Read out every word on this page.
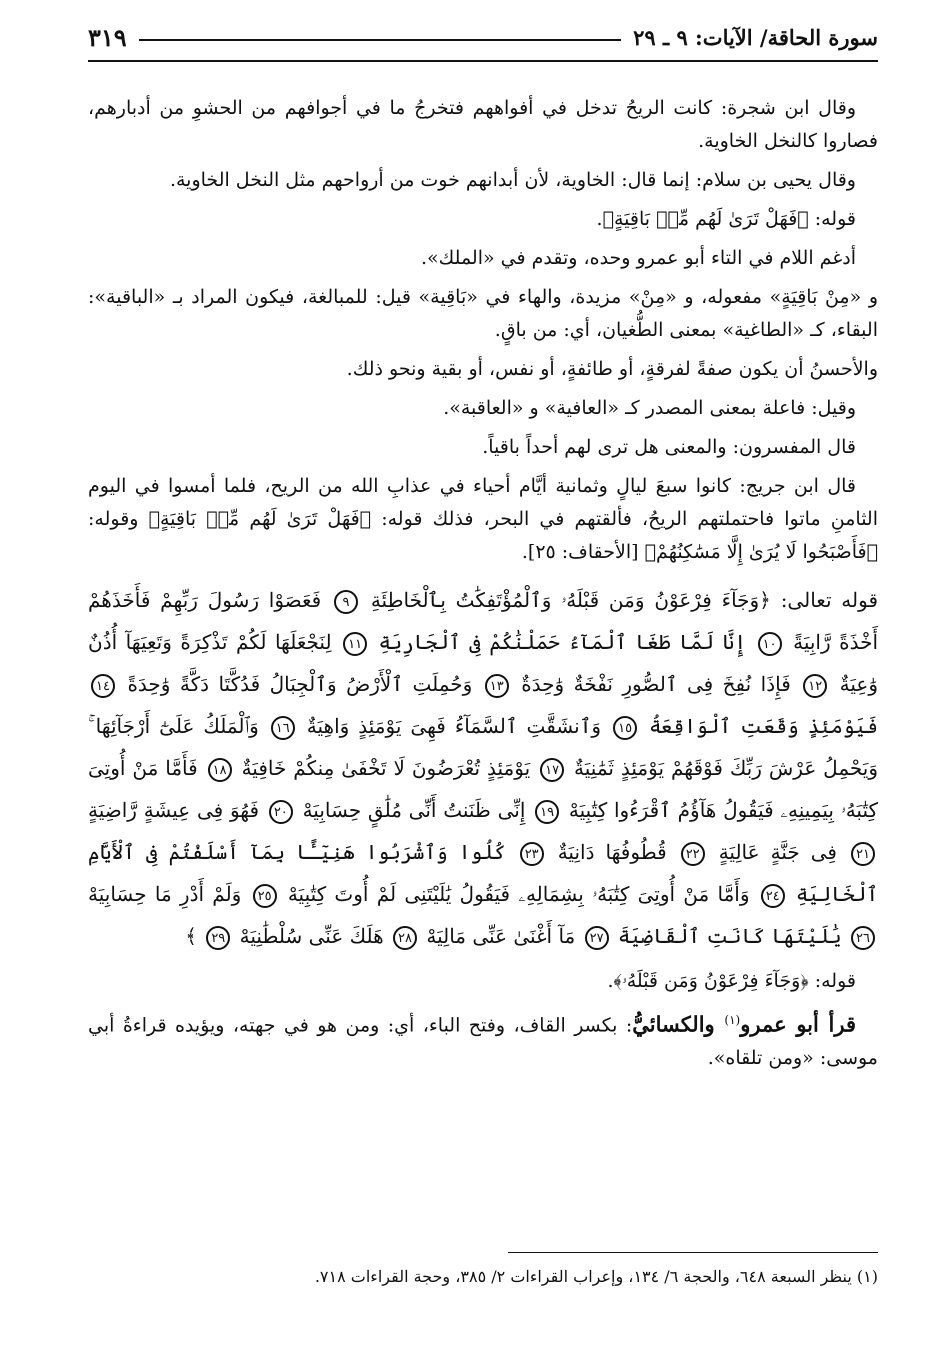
سورة الحاقة/ الآيات: ٩ ـ ٢٩
٣١٩

وقال ابن شجرة: كانت الريحُ تدخل في أفواههم فتخرجُ ما في أجوافهم من الحشوِ من أدبارهم، فصاروا كالنخل الخاوية.

وقال يحيى بن سلام: إنما قال: الخاوية، لأن أبدانهم خوت من أرواحهم مثل النخل الخاوية.

قوله: ﴿فَهَلْ تَرَىٰ لَهُم مِّنۢ بَاقِيَةٍ﴾.

أدغم اللام في التاء أبو عمرو وحده، وتقدم في «الملك».

و «مِنْ بَاقِيَةٍ» مفعوله، و «مِنْ» مزيدة، والهاء في «بَاقِية» قيل: للمبالغة، فيكون المراد بـ «الباقية»: البقاء، كـ «الطاغية» بمعنى الطُّغيان، أي: من باقٍ.

والأحسنُ أن يكون صفةً لفرقةٍ، أو طائفةٍ، أو نفس، أو بقية ونحو ذلك.

وقيل: فاعلة بمعنى المصدر كـ «العافية» و «العاقبة».

قال المفسرون: والمعنى هل ترى لهم أحداً باقياً.

قال ابن جريج: كانوا سبعَ ليالٍ وثمانية أيَّام أحياء في عذابِ الله من الريح، فلما أمسوا في اليوم الثامنِ ماتوا فاحتملتهم الريحُ، فألقتهم في البحر، فذلك قوله: ﴿فَهَلْ تَرَىٰ لَهُم مِّنۢ بَاقِيَةٍ﴾ وقوله: ﴿فَأَصْبَحُوا لَا يُرَىٰ إِلَّا مَسَٰكِنُهُمْ﴾ [الأحقاف: ٢٥].

قوله تعالى: ﴿وَجَآءَ فِرْعَوْنُ وَمَن قَبْلَهُۥ وَٱلْمُؤْتَفِكَٰتُ بِٱلْخَاطِئَةِ ٩ فَعَصَوْا رَسُولَ رَبِّهِمْ فَأَخَذَهُمْ أَخْذَةً رَّابِيَةً ١٠ إِنَّا لَمَّا طَغَا ٱلْمَآءُ حَمَلْنَٰكُمْ فِى ٱلْجَارِيَةِ ١١ لِنَجْعَلَهَا لَكُمْ تَذْكِرَةً وَتَعِيَهَآ أُذُنٌ وَٰعِيَةٌ ١٢ فَإِذَا نُفِخَ فِى ٱلصُّورِ نَفْخَةٌ وَٰحِدَةٌ ١٣ وَحُمِلَتِ ٱلْأَرْضُ وَٱلْجِبَالُ فَدُكَّتَا دَكَّةً وَٰحِدَةً ١٤ فَيَوْمَئِذٍ وَقَعَتِ ٱلْوَاقِعَةُ ١٥ وَٱنشَقَّتِ ٱلسَّمَآءُ فَهِىَ يَوْمَئِذٍ وَاهِيَةٌ ١٦ وَٱلْمَلَكُ عَلَىٰٓ أَرْجَآئِهَا ۚ وَيَحْمِلُ عَرْشَ رَبِّكَ فَوْقَهُمْ يَوْمَئِذٍ ثَمَٰنِيَةٌ ١٧ يَوْمَئِذٍ تُعْرَضُونَ لَا تَخْفَىٰ مِنكُمْ خَافِيَةٌ ١٨ فَأَمَّا مَنْ أُوتِىَ كِتَٰبَهُۥ بِيَمِينِهِۦ فَيَقُولُ هَآؤُمُ ٱقْرَءُوا كِتَٰبِيَهْ ١٩ إِنِّى ظَنَنتُ أَنِّى مُلَٰقٍ حِسَابِيَهْ ٢٠ فَهُوَ فِى عِيشَةٍ رَّاضِيَةٍ ٢١ فِى جَنَّةٍ عَالِيَةٍ ٢٢ قُطُوفُهَا دَانِيَةٌ ٢٣ كُلُوا وَٱشْرَبُوا هَنِيٓـًٔا بِمَآ أَسْلَفْتُمْ فِى ٱلْأَيَّامِ ٱلْخَالِيَةِ ٢٤ وَأَمَّا مَنْ أُوتِىَ كِتَٰبَهُۥ بِشِمَالِهِۦ فَيَقُولُ يَٰلَيْتَنِى لَمْ أُوتَ كِتَٰبِيَهْ ٢٥ وَلَمْ أَدْرِ مَا حِسَابِيَهْ ٢٦ يَٰلَيْتَهَا كَانَتِ ٱلْقَاضِيَةَ ٢٧ مَآ أَغْنَىٰ عَنِّى مَالِيَهْ ٢٨ هَلَكَ عَنِّى سُلْطَٰنِيَهْ ٢٩ ﴾

قوله: ﴿وَجَآءَ فِرْعَوْنُ وَمَن قَبْلَهُۥ﴾.

قرأ أبو عمرو$^{(١)}$ والكسائيُّ: بكسر القاف، وفتح الباء، أي: ومن هو في جهته، ويؤيده قراءةُ أبي موسى: «ومن تلقاه».

(١) ينظر السبعة ٦٤٨، والحجة ٦/ ١٣٤، وإعراب القراءات ٢/ ٣٨٥، وحجة القراءات ٧١٨.
